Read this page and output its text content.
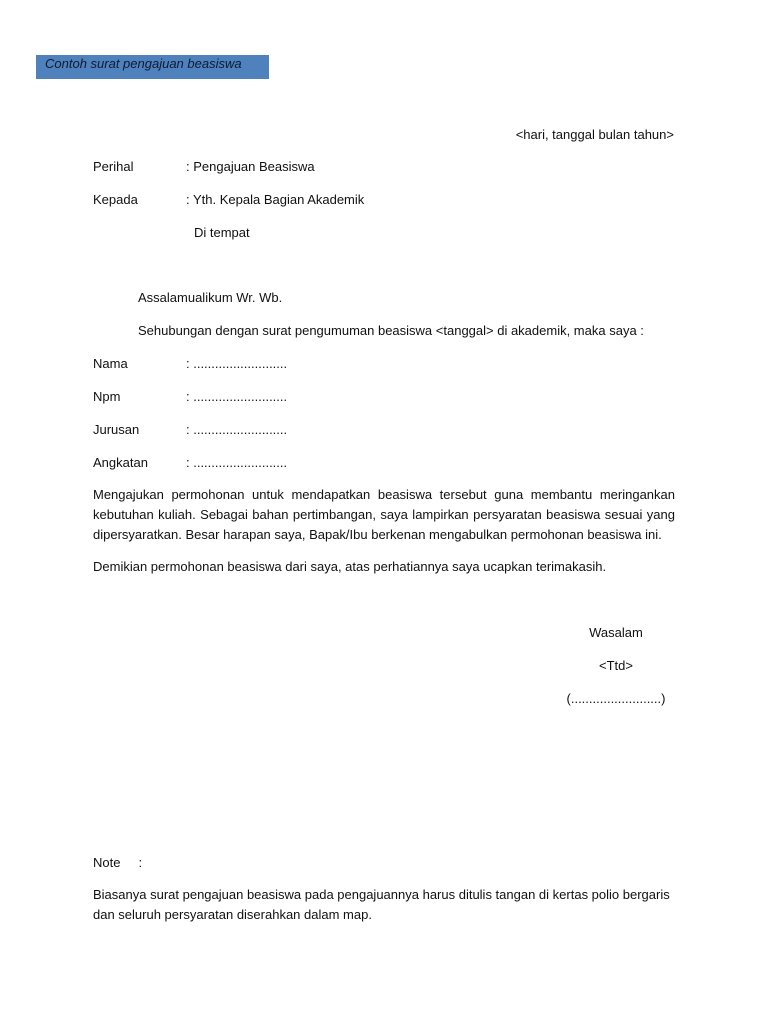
Contoh surat pengajuan beasiswa
<hari, tanggal bulan tahun>
Perihal	: Pengajuan Beasiswa
Kepada	: Yth. Kepala Bagian Akademik
Di tempat
Assalamualikum Wr. Wb.
Sehubungan dengan surat pengumuman beasiswa <tanggal> di akademik, maka saya :
Nama	: ..........................
Npm	: ..........................
Jurusan	: ..........................
Angkatan	: ..........................
Mengajukan permohonan untuk mendapatkan beasiswa tersebut guna membantu meringankan kebutuhan kuliah. Sebagai bahan pertimbangan, saya lampirkan persyaratan beasiswa sesuai yang dipersyaratkan. Besar harapan saya, Bapak/Ibu berkenan mengabulkan permohonan beasiswa ini.
Demikian permohonan beasiswa dari saya, atas perhatiannya saya ucapkan terimakasih.
Wasalam
<Ttd>
(.........................)
Note     :
Biasanya surat pengajuan beasiswa pada pengajuannya harus ditulis tangan di kertas polio bergaris dan seluruh persyaratan diserahkan dalam map.
